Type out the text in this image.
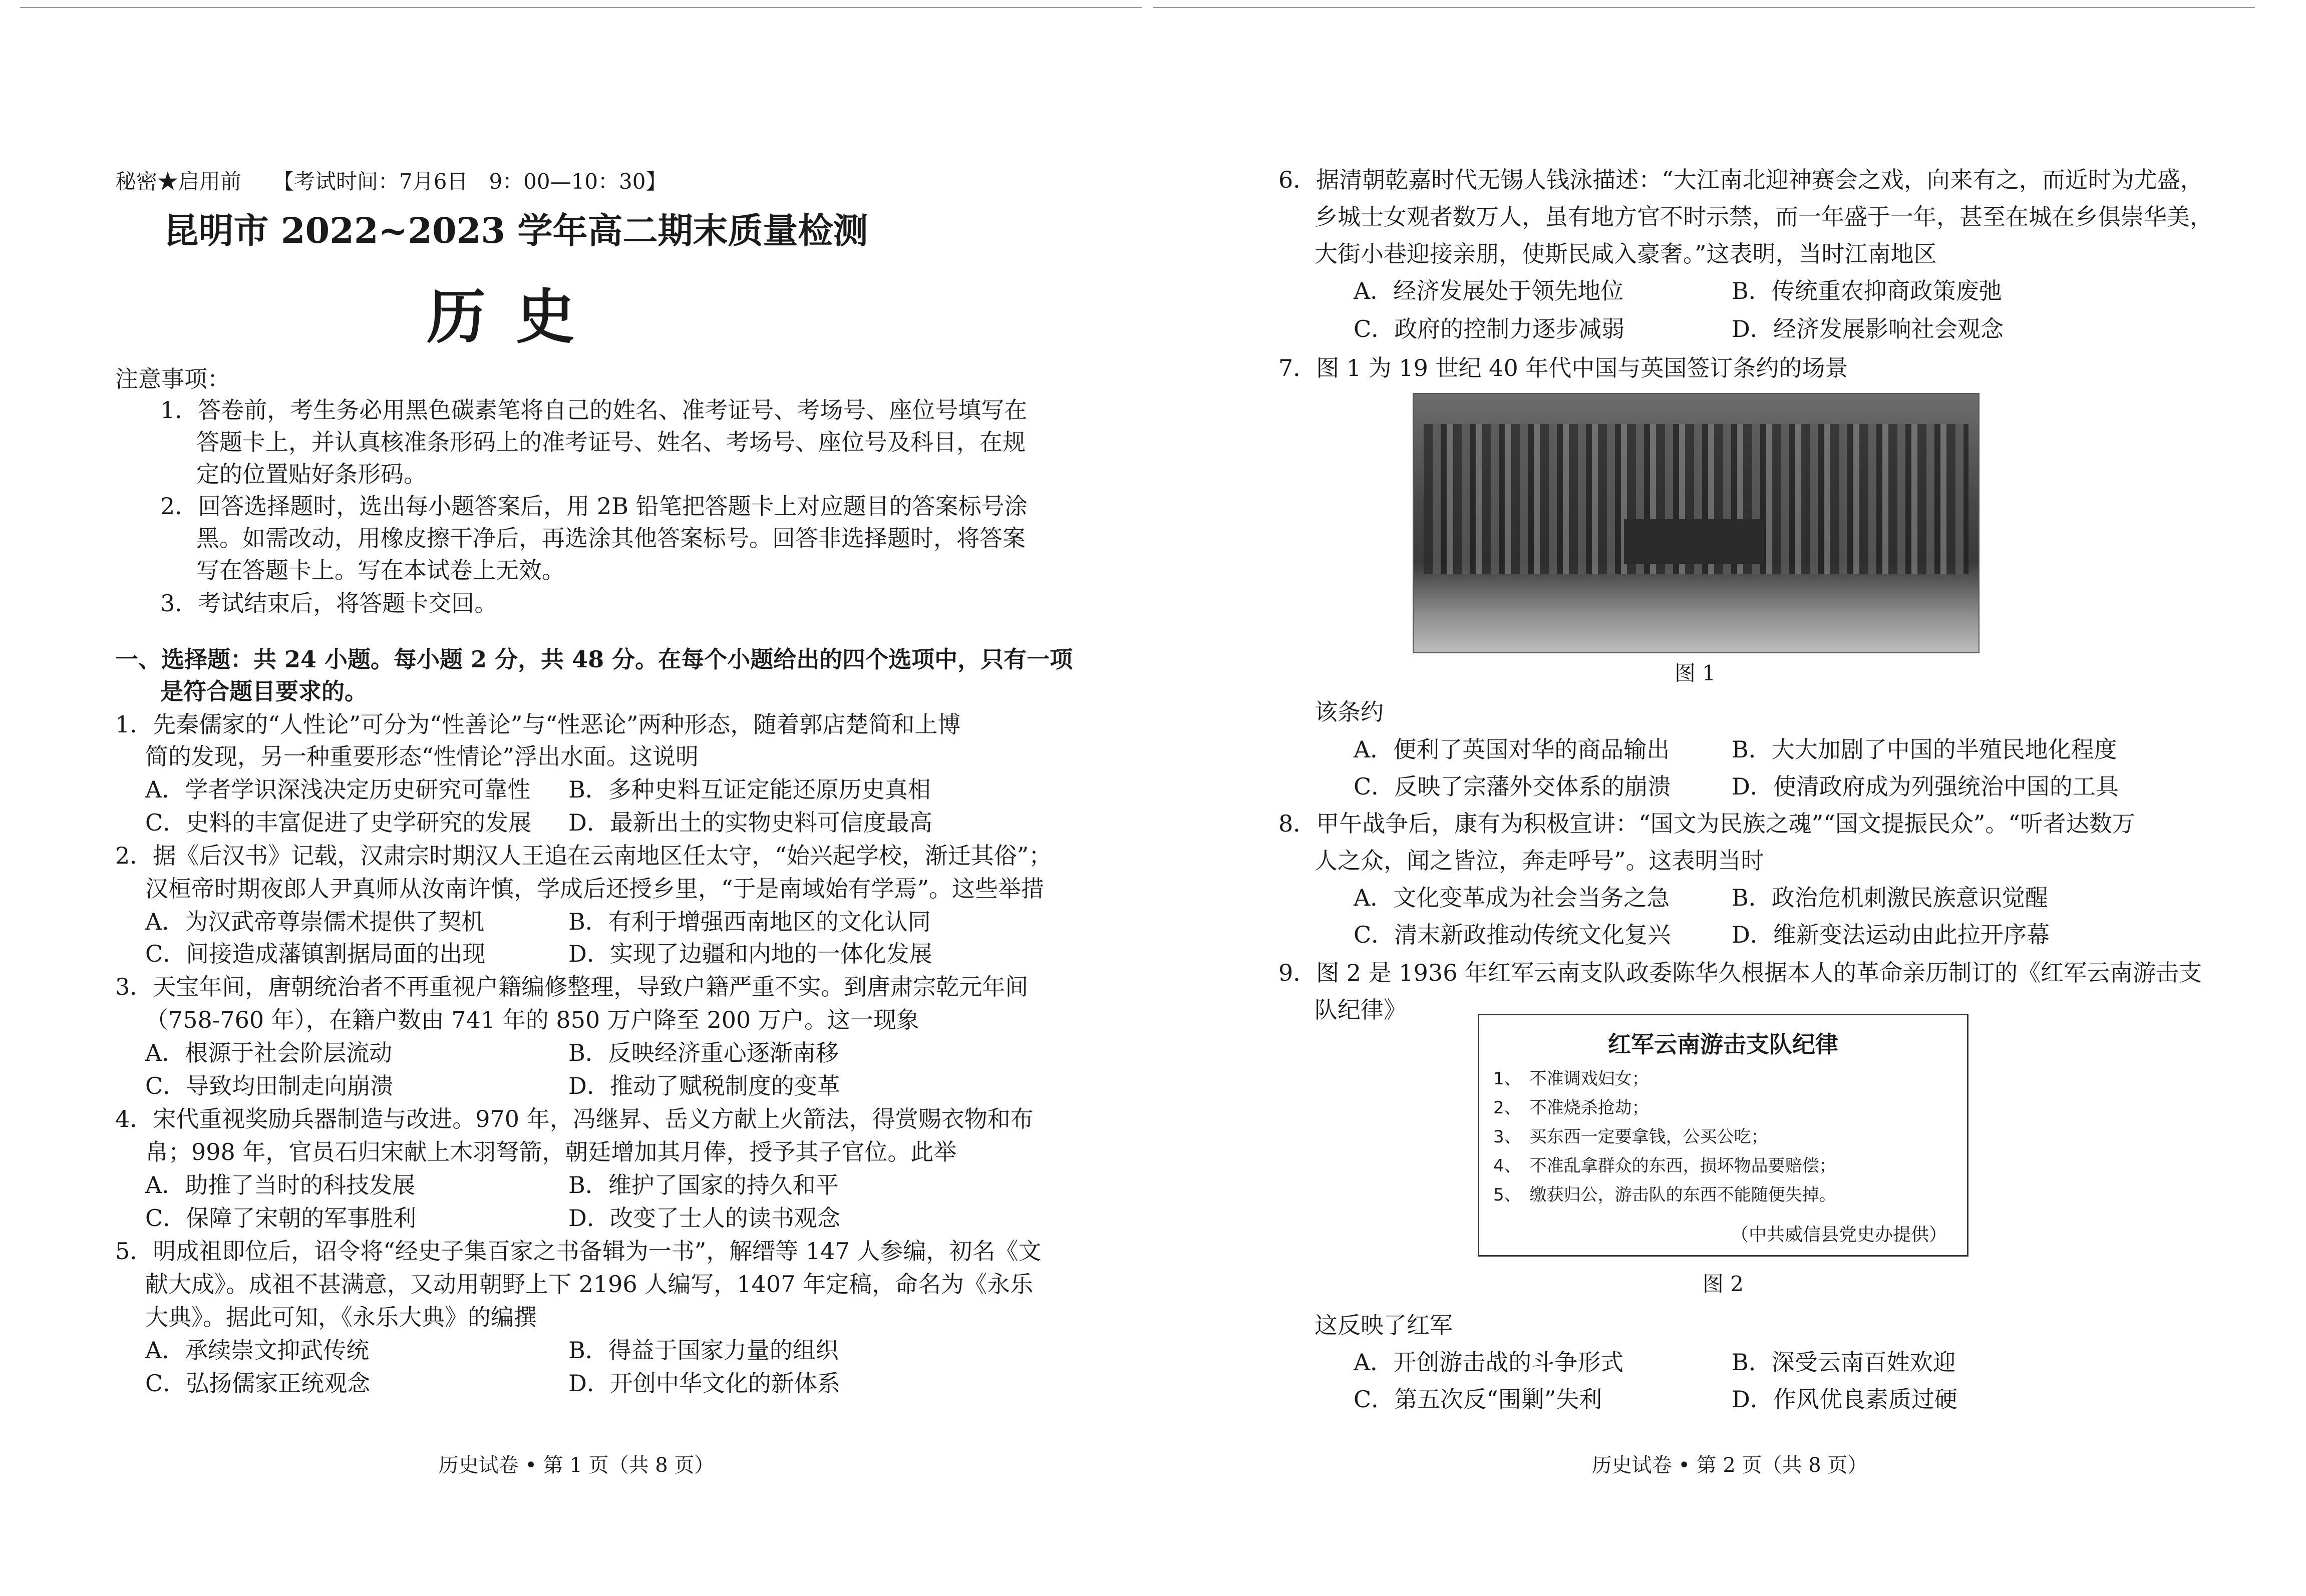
秘密★启用前　　【考试时间：7月6日　9：00—10：30】
昆明市 2022~2023 学年高二期末质量检测
历史
注意事项：
1．答卷前，考生务必用黑色碳素笔将自己的姓名、准考证号、考场号、座位号填写在
答题卡上，并认真核准条形码上的准考证号、姓名、考场号、座位号及科目，在规
定的位置贴好条形码。
2．回答选择题时，选出每小题答案后，用 2B 铅笔把答题卡上对应题目的答案标号涂
黑。如需改动，用橡皮擦干净后，再选涂其他答案标号。回答非选择题时，将答案
写在答题卡上。写在本试卷上无效。
3．考试结束后，将答题卡交回。
一、选择题：共 24 小题。每小题 2 分，共 48 分。在每个小题给出的四个选项中，只有一项
是符合题目要求的。
1．先秦儒家的“人性论”可分为“性善论”与“性恶论”两种形态，随着郭店楚简和上博
简的发现，另一种重要形态“性情论”浮出水面。这说明
A．学者学识深浅决定历史研究可靠性 B．多种史料互证定能还原历史真相
C．史料的丰富促进了史学研究的发展 D．最新出土的实物史料可信度最高
2．据《后汉书》记载，汉肃宗时期汉人王追在云南地区任太守，“始兴起学校，渐迁其俗”；
汉桓帝时期夜郎人尹真师从汝南许慎，学成后还授乡里，“于是南域始有学焉”。这些举措
A．为汉武帝尊崇儒术提供了契机	B．有利于增强西南地区的文化认同
C．间接造成藩镇割据局面的出现	D．实现了边疆和内地的一体化发展
3．天宝年间，唐朝统治者不再重视户籍编修整理，导致户籍严重不实。到唐肃宗乾元年间
（758-760 年），在籍户数由 741 年的 850 万户降至 200 万户。这一现象
A．根源于社会阶层流动	B．反映经济重心逐渐南移
C．导致均田制走向崩溃	D．推动了赋税制度的变革
4．宋代重视奖励兵器制造与改进。970 年，冯继昇、岳义方献上火箭法，得赏赐衣物和布
帛；998 年，官员石归宋献上木羽弩箭，朝廷增加其月俸，授予其子官位。此举
A．助推了当时的科技发展	B．维护了国家的持久和平
C．保障了宋朝的军事胜利	D．改变了士人的读书观念
5．明成祖即位后，诏令将“经史子集百家之书备辑为一书”，解缙等 147 人参编，初名《文
献大成》。成祖不甚满意，又动用朝野上下 2196 人编写，1407 年定稿，命名为《永乐
大典》。据此可知，《永乐大典》的编撰
A．承续崇文抑武传统	B．得益于国家力量的组织
C．弘扬儒家正统观念	D．开创中华文化的新体系
历史试卷 • 第 1 页（共 8 页）
6．据清朝乾嘉时代无锡人钱泳描述：“大江南北迎神赛会之戏，向来有之，而近时为尤盛，
乡城士女观者数万人，虽有地方官不时示禁，而一年盛于一年，甚至在城在乡俱崇华美，
大街小巷迎接亲朋，使斯民咸入豪奢。”这表明，当时江南地区
A．经济发展处于领先地位	B．传统重农抑商政策废弛
C．政府的控制力逐步减弱	D．经济发展影响社会观念
7．图 1 为 19 世纪 40 年代中国与英国签订条约的场景
图 1
该条约
A．便利了英国对华的商品输出	B．大大加剧了中国的半殖民地化程度
C．反映了宗藩外交体系的崩溃	D．使清政府成为列强统治中国的工具
8．甲午战争后，康有为积极宣讲：“国文为民族之魂”“国文提振民众”。“听者达数万
人之众，闻之皆泣，奔走呼号”。这表明当时
A．文化变革成为社会当务之急	B．政治危机刺激民族意识觉醒
C．清末新政推动传统文化复兴	D．维新变法运动由此拉开序幕
9．图 2 是 1936 年红军云南支队政委陈华久根据本人的革命亲历制订的《红军云南游击支
队纪律》
红军云南游击支队纪律
1、　不准调戏妇女；
2、　不准烧杀抢劫；
3、　买东西一定要拿钱，公买公吃；
4、　不准乱拿群众的东西，损坏物品要赔偿；
5、　缴获归公，游击队的东西不能随便失掉。
（中共威信县党史办提供）
图 2
这反映了红军
A．开创游击战的斗争形式	B．深受云南百姓欢迎
C．第五次反“围剿”失利	D．作风优良素质过硬
历史试卷 • 第 2 页（共 8 页）
